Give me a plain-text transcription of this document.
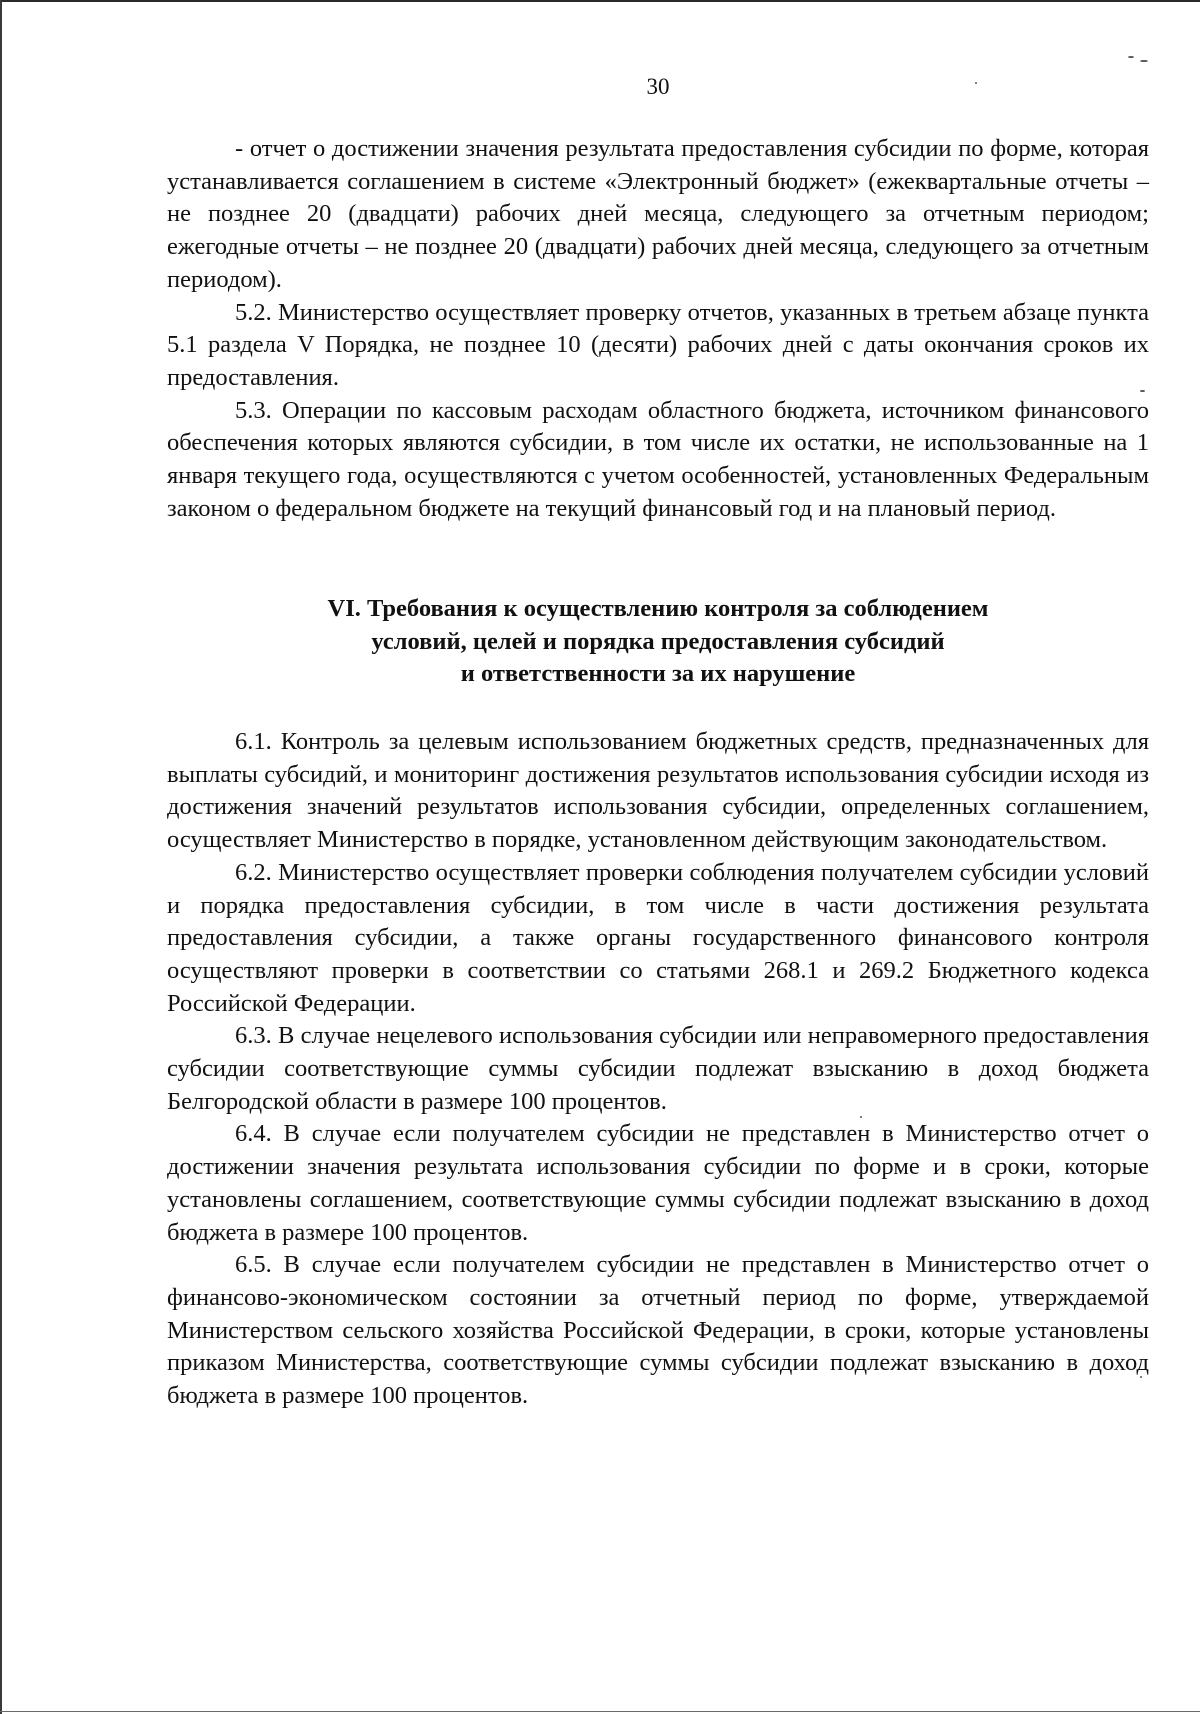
30

- отчет о достижении значения результата предоставления субсидии по форме, которая устанавливается соглашением в системе «Электронный бюджет» (ежеквартальные отчеты – не позднее 20 (двадцати) рабочих дней месяца, следующего за отчетным периодом; ежегодные отчеты – не позднее 20 (двадцати) рабочих дней месяца, следующего за отчетным периодом).

5.2. Министерство осуществляет проверку отчетов, указанных в третьем абзаце пункта 5.1 раздела V Порядка, не позднее 10 (десяти) рабочих дней с даты окончания сроков их предоставления.

5.3. Операции по кассовым расходам областного бюджета, источником финансового обеспечения которых являются субсидии, в том числе их остатки, не использованные на 1 января текущего года, осуществляются с учетом особенностей, установленных Федеральным законом о федеральном бюджете на текущий финансовый год и на плановый период.

VI. Требования к осуществлению контроля за соблюдением
условий, целей и порядка предоставления субсидий
и ответственности за их нарушение

6.1. Контроль за целевым использованием бюджетных средств, предназначенных для выплаты субсидий, и мониторинг достижения результатов использования субсидии исходя из достижения значений результатов использования субсидии, определенных соглашением, осуществляет Министерство в порядке, установленном действующим законодательством.

6.2. Министерство осуществляет проверки соблюдения получателем субсидии условий и порядка предоставления субсидии, в том числе в части достижения результата предоставления субсидии, а также органы государственного финансового контроля осуществляют проверки в соответствии со статьями 268.1 и 269.2 Бюджетного кодекса Российской Федерации.

6.3. В случае нецелевого использования субсидии или неправомерного предоставления субсидии соответствующие суммы субсидии подлежат взысканию в доход бюджета Белгородской области в размере 100 процентов.

6.4. В случае если получателем субсидии не представлен в Министерство отчет о достижении значения результата использования субсидии по форме и в сроки, которые установлены соглашением, соответствующие суммы субсидии подлежат взысканию в доход бюджета в размере 100 процентов.

6.5. В случае если получателем субсидии не представлен в Министерство отчет о финансово-экономическом состоянии за отчетный период по форме, утверждаемой Министерством сельского хозяйства Российской Федерации, в сроки, которые установлены приказом Министерства, соответствующие суммы субсидии подлежат взысканию в доход бюджета в размере 100 процентов.
